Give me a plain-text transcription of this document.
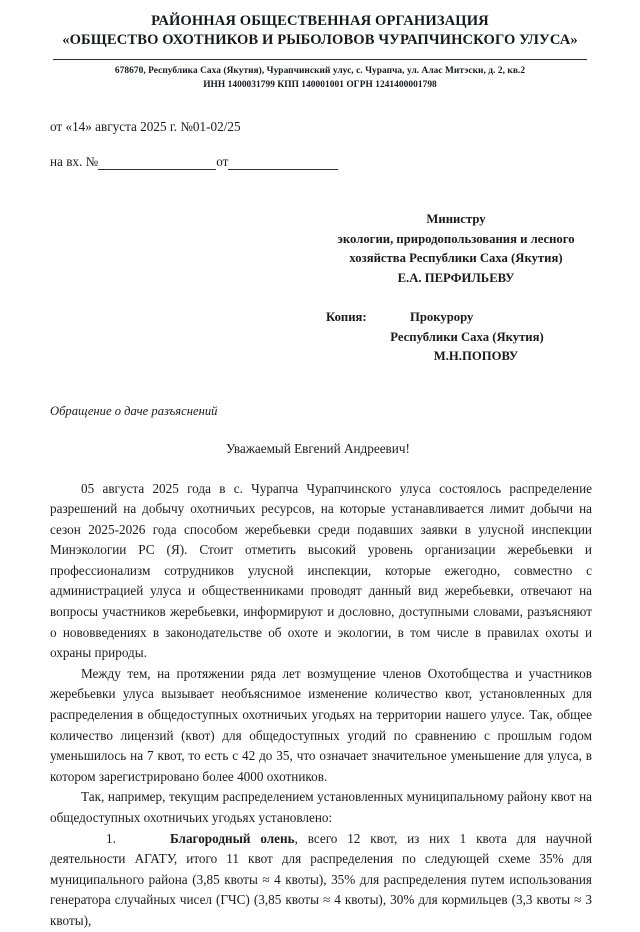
РАЙОННАЯ ОБЩЕСТВЕННАЯ ОРГАНИЗАЦИЯ
«ОБЩЕСТВО ОХОТНИКОВ И РЫБОЛОВОВ ЧУРАПЧИНСКОГО УЛУСА»
678670, Республика Саха (Якутия), Чурапчинский улус, с. Чурапча, ул. Алас Митэски, д. 2, кв.2
ИНН 1400031799 КПП 140001001 ОГРН 1241400001798
от «14» августа 2025 г. №01-02/25
на вх. №	от
Министру
экологии, природопользования и лесного
хозяйства Республики Саха (Якутия)
Е.А. ПЕРФИЛЬЕВУ
Копия:	Прокурору
Республики Саха (Якутия)
М.Н.ПОПОВУ
Обращение о даче разъяснений
Уважаемый Евгений Андреевич!

05 августа 2025 года в с. Чурапча Чурапчинского улуса состоялось распределение разрешений на добычу охотничьих ресурсов, на которые устанавливается лимит добычи на сезон 2025-2026 года способом жеребьевки среди подавших заявки в улусной инспекции Минэкологии РС (Я). Стоит отметить высокий уровень организации жеребьевки и профессионализм сотрудников улусной инспекции, которые ежегодно, совместно с администрацией улуса и общественниками проводят данный вид жеребьевки, отвечают на вопросы участников жеребьевки, информируют и дословно, доступными словами, разъясняют о нововведениях в законодательстве об охоте и экологии, в том числе в правилах охоты и охраны природы.

Между тем, на протяжении ряда лет возмущение членов Охотобщества и участников жеребьевки улуса вызывает необъяснимое изменение количество квот, установленных для распределения в общедоступных охотничьих угодьях на территории нашего улусе. Так, общее количество лицензий (квот) для общедоступных угодий по сравнению с прошлым годом уменьшилось на 7 квот, то есть с 42 до 35, что означает значительное уменьшение для улуса, в котором зарегистрировано более 4000 охотников.

Так, например, текущим распределением установленных муниципальному району квот на общедоступных охотничьих угодьях установлено:

1.	Благородный олень, всего 12 квот, из них 1 квота для научной деятельности АГАТУ, итого 11 квот для распределения по следующей схеме 35% для муниципального района (3,85 квоты ≈ 4 квоты), 35% для распределения путем использования генератора случайных чисел (ГЧС) (3,85 квоты ≈ 4 квоты), 30% для кормильцев (3,3 квоты ≈ 3 квоты),
